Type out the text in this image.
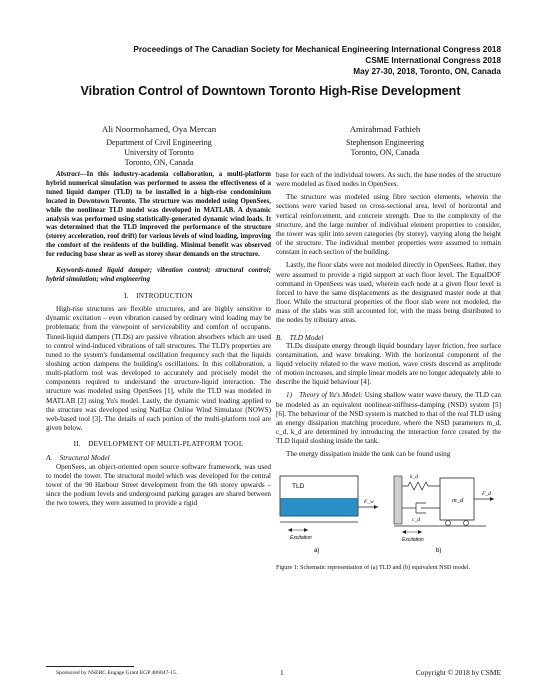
Proceedings of The Canadian Society for Mechanical Engineering International Congress 2018
CSME International Congress 2018
May 27-30, 2018, Toronto, ON, Canada
Vibration Control of Downtown Toronto High-Rise Development
Ali Noormohamed, Oya Mercan
Department of Civil Engineering
University of Toronto
Toronto, ON, Canada
Amirahmad Fathieh
Stephenson Engineering
Toronto, ON, Canada

Abstract—In this industry-academia collaboration, a multi-platform hybrid numerical simulation was performed to assess the effectiveness of a tuned liquid damper (TLD) to be installed in a high-rise condominium located in Downtown Toronto. The structure was modeled using OpenSees, while the nonlinear TLD model was developed in MATLAB. A dynamic analysis was performed using statistically-generated dynamic wind loads. It was determined that the TLD improved the performance of the structure (storey acceleration, roof drift) for various levels of wind loading, improving the comfort of the residents of the building. Minimal benefit was observed for reducing base shear as well as storey shear demands on the structure.

Keywords-tuned liquid damper; vibration control; structural control; hybrid simulation; wind engineering

I. INTRODUCTION

High-rise structures are flexible structures, and are highly sensitive to dynamic excitation – even vibration caused by ordinary wind loading may be problematic from the viewpoint of serviceability and comfort of occupants. Tuned-liquid dampers (TLDs) are passive vibration absorbers which are used to control wind-induced vibrations of tall structures. The TLD's properties are tuned to the system's fundamental oscillation frequency such that the liquids sloshing action dampens the building's oscillations. In this collaboration, a multi-platform tool was developed to accurately and precisely model the components required to understand the structure-liquid interaction. The structure was modeled using OpenSees [1], while the TLD was modeled in MATLAB [2] using Yu's model. Lastly, the dynamic wind loading applied to the structure was developed using NatHaz Online Wind Simulator (NOWS) web-based tool [3]. The details of each portion of the multi-platform tool are given below.

II. DEVELOPMENT OF MULTI-PLATFORM TOOL

A. Structural Model

OpenSees, an object-oriented open source software framework, was used to model the tower. The structural model which was developed for the central tower of the 90 Harbour Street development from the 6th storey upwards – since the podium levels and underground parking garages are shared between the two towers, they were assumed to provide a rigid

base for each of the individual towers. As such, the base nodes of the structure were modeled as fixed nodes in OpenSees.

The structure was modeled using fibre section elements, wherein the sections were varied based on cross-sectional area, level of horizontal and vertical reinforcement, and concrete strength. Due to the complexity of the structure, and the large number of individual element properties to consider, the tower was split into seven categories (by storey), varying along the height of the structure. The individual member properties were assumed to remain constant in each section of the building.

Lastly, the floor slabs were not modeled directly in OpenSees. Rather, they were assumed to provide a rigid support at each floor level. The EqualDOF command in OpenSees was used, wherein each node at a given floor level is forced to have the same displacements as the designated master node at that floor. While the structural properties of the floor slab were not modeled, the mass of the slabs was still accounted for, with the mass being distributed to the nodes by tributary areas.

B. TLD Model

TLDs dissipate energy through liquid boundary layer friction, free surface contamination, and wave breaking. With the horizontal component of the liquid velocity related to the wave motion, wave crests descend as amplitude of motion increases, and simple linear models are no longer adequately able to describe the liquid behaviour [4].

1) Theory of Yu's Model: Using shallow water wave theory, the TLD can be modeled as an equivalent nonlinear-stiffness-damping (NSD) system [5][6]. The behaviour of the NSD system is matched to that of the real TLD using an energy dissipation matching procedure, where the NSD parameters m_d, c_d, k_d are determined by introducing the interaction force created by the TLD liquid sloshing inside the tank.

The energy dissipation inside the tank can be found using

TLD
F_w
Excitation
a)
k_d
c_d
m_d
F_d
Excitation
b)

Figure 1: Schematic representation of (a) TLD and (b) equivalent NSD model.

Sponsored by NSERC Engage Grant EGP 486047-15.	1	Copyright © 2018 by CSME
